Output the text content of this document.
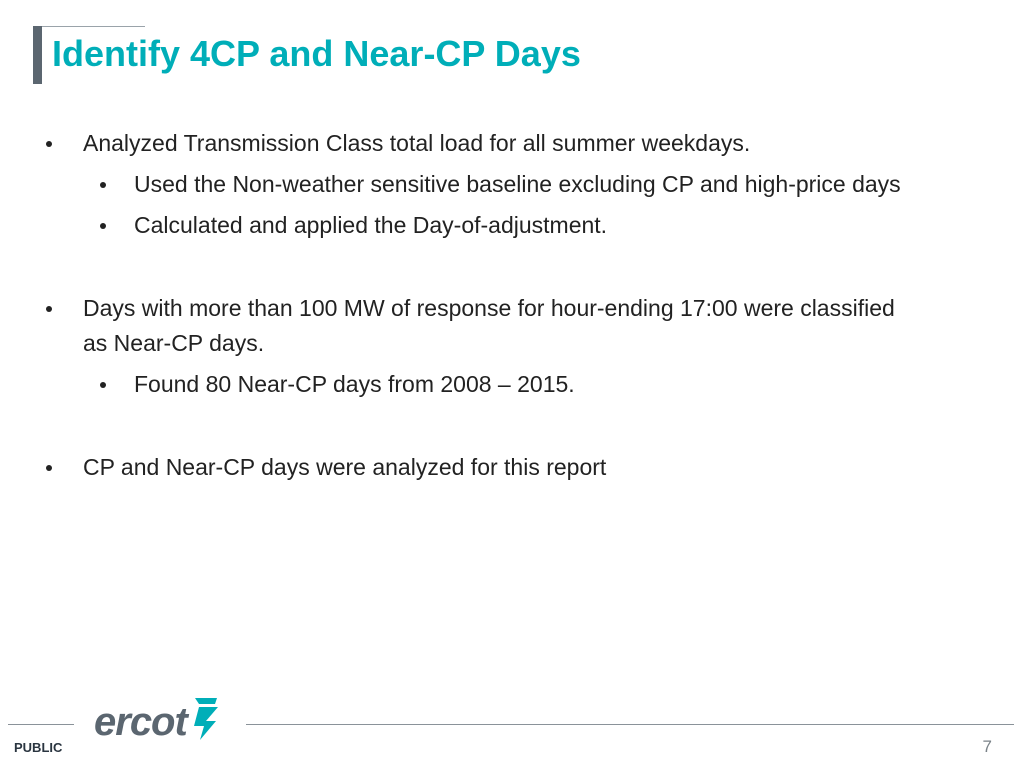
Identify 4CP and Near-CP Days
Analyzed Transmission Class total load for all summer weekdays.
Used the Non-weather sensitive baseline excluding CP and high-price days
Calculated and applied the Day-of-adjustment.
Days with more than 100 MW of response for hour-ending 17:00 were classified as Near-CP days.
Found 80 Near-CP days from 2008 – 2015.
CP and Near-CP days were analyzed for this report
ercot
PUBLIC	7
